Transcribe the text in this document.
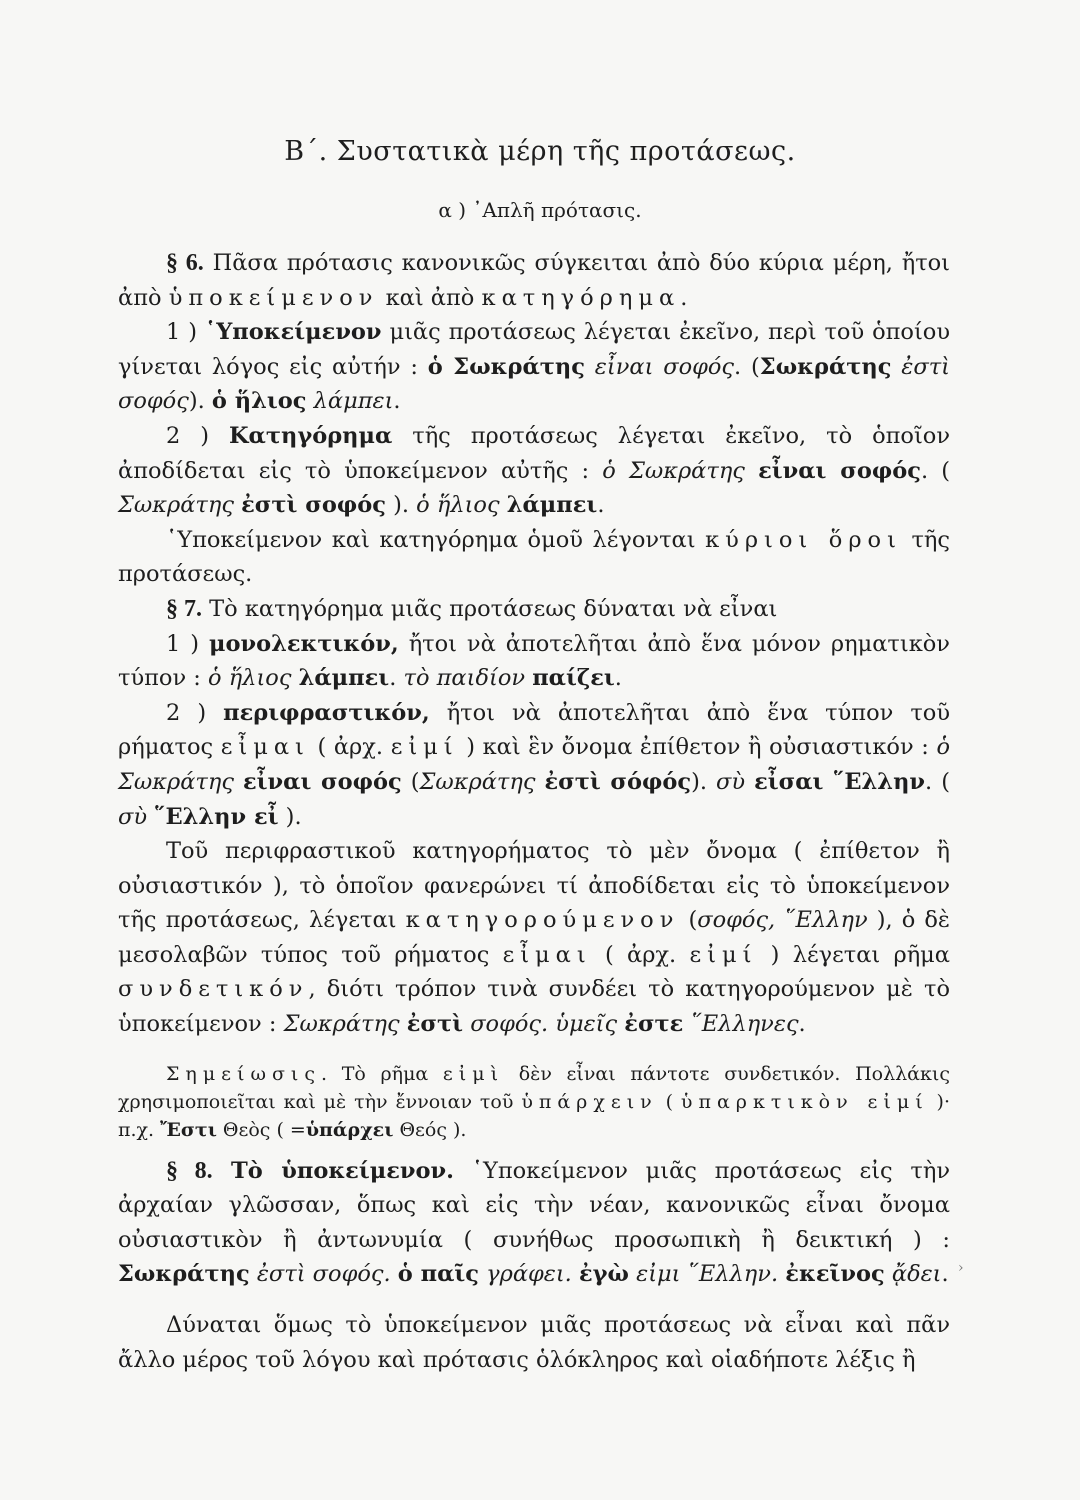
Β΄. Συστατικὰ μέρη τῆς προτάσεως.
α ) ᾿Απλῆ πρότασις.

§ 6. Πᾶσα πρότασις κανονικῶς σύγκειται ἀπὸ δύο κύρια μέρη, ἤτοι ἀπὸ ὑποκείμενον καὶ ἀπὸ κατηγόρημα.

1 ) ῾Υποκείμενον μιᾶς προτάσεως λέγεται ἐκεῖνο, περὶ τοῦ ὁποίου γίνεται λόγος εἰς αὐτήν : ὁ Σωκράτης εἶναι σοφός. (Σωκράτης ἐστὶ σοφός). ὁ ἥλιος λάμπει.

2 ) Κατηγόρημα τῆς προτάσεως λέγεται ἐκεῖνο, τὸ ὁποῖον ἀποδίδεται εἰς τὸ ὑποκείμενον αὐτῆς : ὁ Σωκράτης εἶναι σοφός. ( Σωκράτης ἐστὶ σοφός ). ὁ ἥλιος λάμπει.

῾Υποκείμενον καὶ κατηγόρημα ὁμοῦ λέγονται κύριοι ὅροι τῆς προτάσεως.

§ 7. Τὸ κατηγόρημα μιᾶς προτάσεως δύναται νὰ εἶναι

1 ) μονολεκτικόν, ἤτοι νὰ ἀποτελῆται ἀπὸ ἕνα μόνον ρηματικὸν τύπον : ὁ ἥλιος λάμπει. τὸ παιδίον παίζει.

2 ) περιφραστικόν, ἤτοι νὰ ἀποτελῆται ἀπὸ ἕνα τύπον τοῦ ρήματος εἶμαι ( ἀρχ. εἰμί ) καὶ ἓν ὄνομα ἐπίθετον ἢ οὐσιαστικόν : ὁ Σωκράτης εἶναι σοφός (Σωκράτης ἐστὶ σόφός). σὺ εἶσαι ῞Ελλην. ( σὺ ῞Ελλην εἶ ).

Τοῦ περιφραστικοῦ κατηγορήματος τὸ μὲν ὄνομα ( ἐπίθετον ἢ οὐσιαστικόν ), τὸ ὁποῖον φανερώνει τί ἀποδίδεται εἰς τὸ ὑποκείμενον τῆς προτάσεως, λέγεται κατηγορούμενον (σοφός, ῞Ελλην ), ὁ δὲ μεσολαβῶν τύπος τοῦ ρήματος εἶμαι ( ἀρχ. εἰμί ) λέγεται ρῆμα συνδετικόν, διότι τρόπον τινὰ συνδέει τὸ κατηγορούμενον μὲ τὸ ὑποκείμενον : Σωκράτης ἐστὶ σοφός. ὑμεῖς ἐστε ῞Ελληνες.

Σημείωσις. Τὸ ρῆμα εἰμὶ δὲν εἶναι πάντοτε συνδετικόν. Πολλάκις χρησιμοποιεῖται καὶ μὲ τὴν ἔννοιαν τοῦ ὑπάρχειν ( ὑπαρκτικὸν εἰμί )· π.χ. Ἔστι Θεὸς ( =ὑπάρχει Θεός ).

§ 8. Τὸ ὑποκείμενον. ῾Υποκείμενον μιᾶς προτάσεως εἰς τὴν ἀρχαίαν γλῶσσαν, ὅπως καὶ εἰς τὴν νέαν, κανονικῶς εἶναι ὄνομα οὐσιαστικὸν ἢ ἀντωνυμία ( συνήθως προσωπικὴ ἢ δεικτική ) : Σωκράτης ἐστὶ σοφός. ὁ παῖς γράφει. ἐγὼ εἰμι ῞Ελλην. ἐκεῖνος ᾄδει.

Δύναται ὅμως τὸ ὑποκείμενον μιᾶς προτάσεως νὰ εἶναι καὶ πᾶν ἄλλο μέρος τοῦ λόγου καὶ πρότασις ὁλόκληρος καὶ οἱαδήποτε λέξις ἢ

›
